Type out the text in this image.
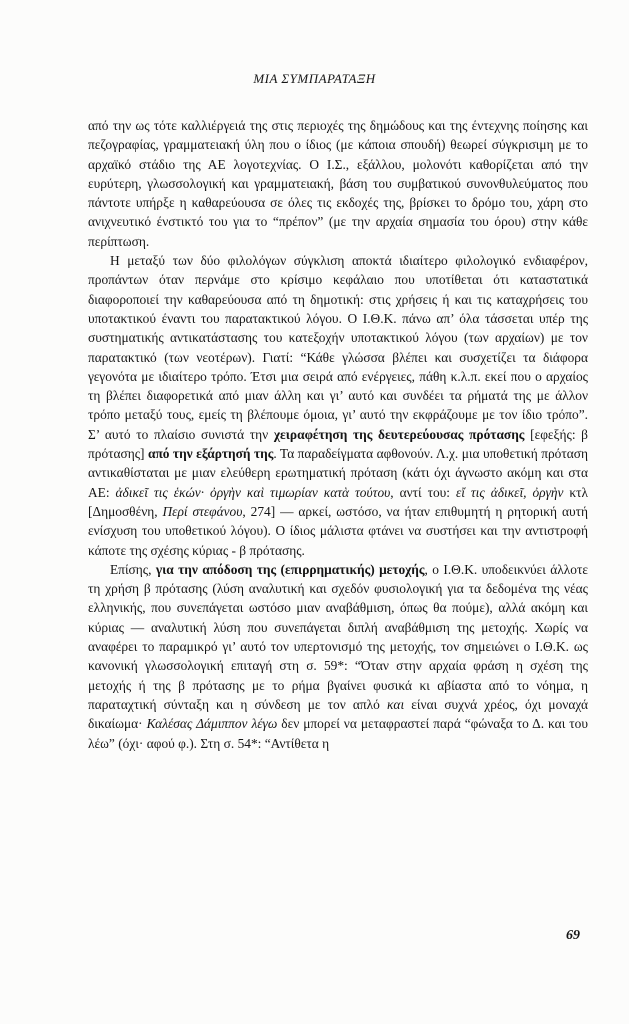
ΜΙΑ ΣΥΜΠΑΡΑΤΑΞΗ

από την ως τότε καλλιέργειά της στις περιοχές της δημώδους και της έντεχνης ποίησης και πεζογραφίας, γραμματειακή ύλη που ο ίδιος (με κάποια σπουδή) θεωρεί σύγκρισιμη με το αρχαϊκό στάδιο της ΑΕ λογοτεχνίας. Ο Ι.Σ., εξάλλου, μολονότι καθορίζεται από την ευρύτερη, γλωσσολογική και γραμματειακή, βάση του συμβατικού συνονθυλεύματος που πάντοτε υπήρξε η καθαρεύουσα σε όλες τις εκδοχές της, βρίσκει το δρόμο του, χάρη στο ανιχνευτικό ένστικτό του για το “πρέπον” (με την αρχαία σημασία του όρου) στην κάθε περίπτωση.

Η μεταξύ των δύο φιλολόγων σύγκλιση αποκτά ιδιαίτερο φιλολογικό ενδιαφέρον, προπάντων όταν περνάμε στο κρίσιμο κεφάλαιο που υποτίθεται ότι καταστατικά διαφοροποιεί την καθαρεύουσα από τη δημοτική: στις χρήσεις ή και τις καταχρήσεις του υποτακτικού έναντι του παρατακτικού λόγου. Ο Ι.Θ.Κ. πάνω απ’ όλα τάσσεται υπέρ της συστηματικής αντικατάστασης του κατεξοχήν υποτακτικού λόγου (των αρχαίων) με τον παρατακτικό (των νεοτέρων). Γιατί: “Κάθε γλώσσα βλέπει και συσχετίζει τα διάφορα γεγονότα με ιδιαίτερο τρόπο. Έτσι μια σειρά από ενέργειες, πάθη κ.λ.π. εκεί που ο αρχαίος τη βλέπει διαφορετικά από μιαν άλλη και γι’ αυτό και συνδέει τα ρήματά της με άλλον τρόπο μεταξύ τους, εμείς τη βλέπουμε όμοια, γι’ αυτό την εκφράζουμε με τον ίδιο τρόπο”. Σ’ αυτό το πλαίσιο συνιστά την χειραφέτηση της δευτερεύουσας πρότασης [εφεξής: β πρότασης] από την εξάρτησή της. Τα παραδείγματα αφθονούν. Λ.χ. μια υποθετική πρόταση αντικαθίσταται με μιαν ελεύθερη ερωτηματική πρόταση (κάτι όχι άγνωστο ακόμη και στα ΑΕ: ἀδικεῖ τις ἑκών· ὀργὴν καὶ τιμωρίαν κατὰ τούτου, αντί του: εἴ τις ἀδικεῖ, ὀργὴν κτλ [Δημοσθένη, Περί στεφάνου, 274] — αρκεί, ωστόσο, να ήταν επιθυμητή η ρητορική αυτή ενίσχυση του υποθετικού λόγου). Ο ίδιος μάλιστα φτάνει να συστήσει και την αντιστροφή κάποτε της σχέσης κύριας - β πρότασης.

Επίσης, για την απόδοση της (επιρρηματικής) μετοχής, ο Ι.Θ.Κ. υποδεικνύει άλλοτε τη χρήση β πρότασης (λύση αναλυτική και σχεδόν φυσιολογική για τα δεδομένα της νέας ελληνικής, που συνεπάγεται ωστόσο μιαν αναβάθμιση, όπως θα πούμε), αλλά ακόμη και κύριας — αναλυτική λύση που συνεπάγεται διπλή αναβάθμιση της μετοχής. Χωρίς να αναφέρει το παραμικρό γι’ αυτό τον υπερτονισμό της μετοχής, τον σημειώνει ο Ι.Θ.Κ. ως κανονική γλωσσολογική επιταγή στη σ. 59*: “Όταν στην αρχαία φράση η σχέση της μετοχής ή της β πρότασης με το ρήμα βγαίνει φυσικά κι αβίαστα από το νόημα, η παραταχτική σύνταξη και η σύνδεση με τον απλό και είναι συχνά χρέος, όχι μοναχά δικαίωμα· Καλέσας Δάμιππον λέγω δεν μπορεί να μεταφραστεί παρά “φώναξα το Δ. και του λέω” (όχι· αφού φ.). Στη σ. 54*: “Αντίθετα η

69
